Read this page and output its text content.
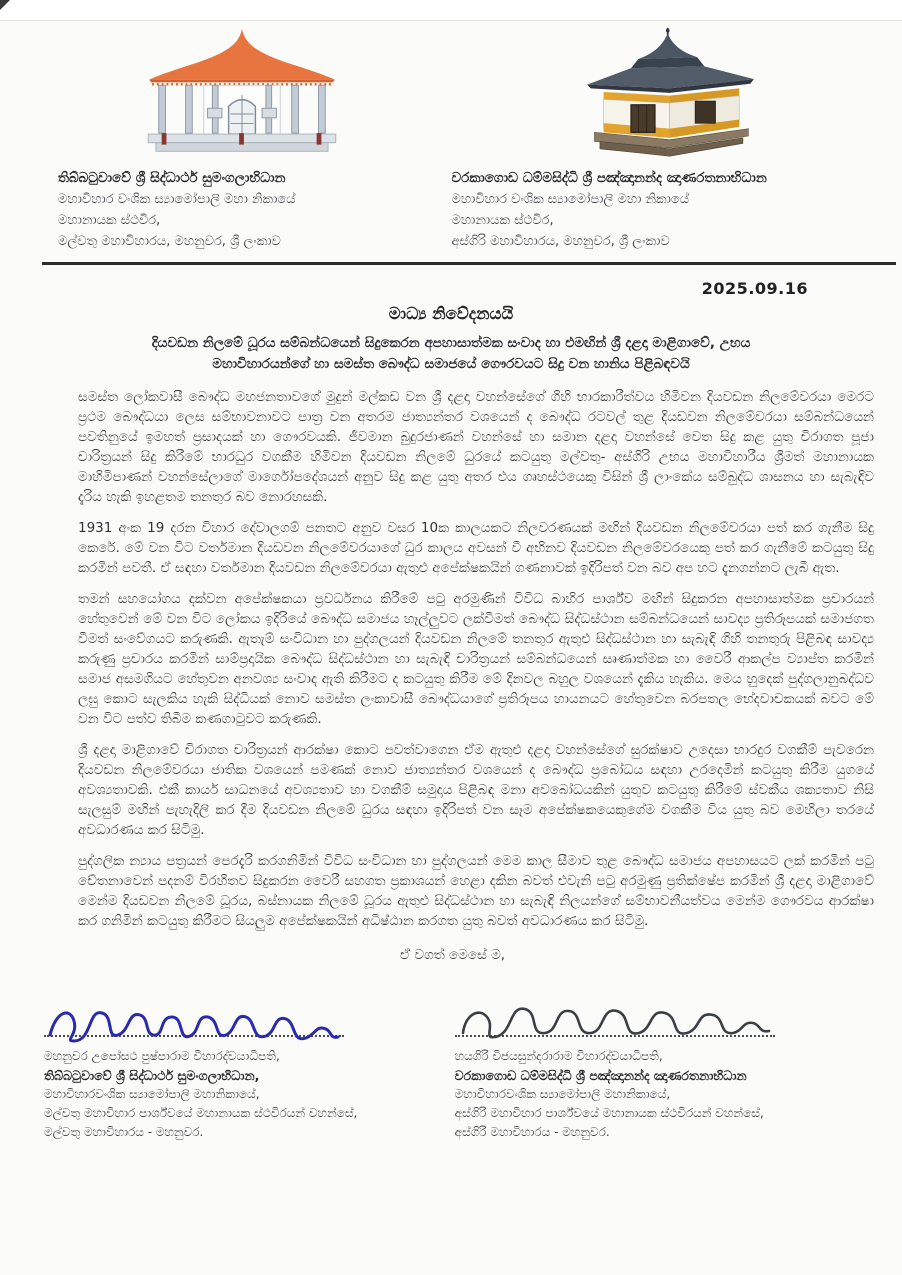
තිබ්බටුවාවේ ශ්‍රී සිද්ධාර්ථ සුමංගලාභිධාන
මහාවිහාර වංශික ස්‍යාමෝපාලි මහා නිකායේ
මහානායක ස්ථවිර,
මල්වතු මහාවිහාරය, මහනුවර, ශ්‍රී ලංකාව
වරකාගොඩ ධම්මසිද්ධි ශ්‍රී පඤ්ඤානන්ද ඤාණරතනාභිධාන
මහාවිහාර වංශික ස්‍යාමෝපාලි මහා නිකායේ
මහානායක ස්ථවිර,
අස්ගිරි මහාවිහාරය, මහනුවර, ශ්‍රී ලංකාව
2025.09.16
මාධ්‍ය නිවේදනයයි
දියවඩන නිලමේ ධූරය සම්බන්ධයෙන් සිදුකෙරන අපහාසාත්මක සංවාද හා එමඟින් ශ්‍රී දළදා මාළිගාවේ, උභය
මහාවිහාරයන්ගේ හා සමස්ත බෞද්ධ සමාජයේ ගෞරවයට සිදු වන හානිය පිළිබඳවයි

සමස්ත ලෝකවාසී බෞද්ධ මහජනතාවගේ මුදුන් මල්කඩ වන ශ්‍රී දළදා වහන්සේගේ ගිහි භාරකාරීත්වය හිමිවන දියවඩන නිලමේවරයා මෙරට ප්‍රථම බෞද්ධයා ලෙස සම්භාවනාවට පාත්‍ර වන අතරම ජාත්‍යන්තර වශයෙන් ද බෞද්ධ රටවල් තුළ දියඩවන නිලමේවරයා සම්බන්ධයෙන් පවතිනුයේ ඉමහත් ප්‍රසාදයක් හා ගෞරවයකි. ජීවමාන බුදුරජාණන් වහන්සේ හා සමාන දළදා වහන්සේ වෙත සිදු කළ යුතු චිරාගත පූජා චාරිත්‍රයන් සිදු කිරීමේ භාරධුර වගකීම හිමිවන දියවඩන නිලමේ ධුරයේ කටයුතු මල්වතු- අස්ගිරි උභය මහාවිහාරීය ශ්‍රීමත් මහානායක මාහිමිපාණන් වහන්සේලාගේ මාර්ගෝපදේශයන් අනුව සිදු කළ යුතු අතර එය ගෘහස්ථයෙකු විසින් ශ්‍රී ලාංකේය සම්බුද්ධ ශාසනය හා සැබැඳිව දැරිය හැකි ඉහළතම තනතුර බව නොරහසකි.

1931 අංක 19 දරන විහාර දේවාලගම් පනතට අනුව වසර 10ක කාලයකට නිලවරණයක් මඟින් දියවඩන නිලමේවරයා පත් කර ගැනීම සිදු කෙරේ. මේ වන විට වර්තමාන දියඩවන නිලමේවරයාගේ ධුර කාලය අවසන් වී අභිනව දියවඩන නිලමේවරයෙකු පත් කර ගැනීමේ කටයුතු සිදු කරමින් පවතී. ඒ සඳහා වර්තමාන දියවඩන නිලමේවරයා ඇතුළු අපේක්ෂකයින් ගණනාවක් ඉදිරිපත් වන බව අප හට දැනගන්නට ලැබී ඇත.

තමන් සහයෝගය දක්වන අපේක්ෂකයා ප්‍රවර්ධනය කිරීමේ පටු අරමුණින් විවිධ බාහිර පාර්ශ්ව මඟින් සිදුකරන අපහාසාත්මක ප්‍රචාරයන් හේතුවෙන් මේ වන විට ලෝකය ඉදිරියේ බෞද්ධ සමාජය හෑල්ලුවට ලක්වීමත් බෞද්ධ සිද්ධස්ථාන සම්බන්ධයෙන් සාවද්‍ය ප්‍රතිරූපයක් සමාජගත වීමත් සංවේගයට කරුණකි. ඇතැම් සංවිධාන හා පුද්ගලයන් දියවඩන නිලමේ තනතුර ඇතුළු සිද්ධස්ථාන හා සැබැඳි ගිහි තනතුරු පිළිබඳ සාවද්‍ය කරුණු ප්‍රචාරය කරමින් සාම්ප්‍රදායික බෞද්ධ සිද්ධස්ථාන හා සැබැඳි චාරිත්‍රයන් සම්බන්ධයෙන් සෘණාත්මක හා වෛරී ආකල්ප ව්‍යාප්ත කරමින් සමාජ අසමගියට හේතුවන අනවශ්‍ය සංවාද ඇති කිරීමට ද කටයුතු කිරීම මේ දිනවල බහුල වශයෙන් දැකිය හැකිය. මෙය හුදෙක් පුද්ගලානුබද්ධව ලඝු කොට සැලකිය හැකි සිද්ධියක් නොව සමස්ත ලංකාවාසී බෞද්ධයාගේ ප්‍රතිරූපය හායනයට හේතුවෙන බරපතල භේදවාචකයක් බවට මේ වන විට පත්ව තිබීම කණගාටුවට කරුණකි.

ශ්‍රී දළදා මාළිගාවේ චිරාගත චාරිත්‍රයන් ආරක්ෂා කොට පවත්වාගෙන ඒම ඇතුළු දළදා වහන්සේගේ සුරක්ෂාව උදෙසා භාරදුර වගකීම් පැවරෙන දියවඩන නිලමේවරයා ජාතික වශයෙන් පමණක් නොව ජාත්‍යන්තර වශයෙන් ද බෞද්ධ ප්‍රබෝධය සඳහා උරදෙමින් කටයුතු කිරීම යුගයේ අවශ්‍යතාවකි. එකී කාර්ය සාධනයේ අවශ්‍යතාව හා වගකීම් සමුදාය පිළිබඳ මනා අවබෝධයකින් යුතුව කටයුතු කිරීමේ ස්වකීය ශක්‍යතාව නිසි සැලසුම් මඟින් පැහැදිලි කර දීම දියවඩන නිලමේ ධුරය සඳහා ඉදිරිපත් වන සෑම අපේක්ෂකයෙකුගේම වගකීම විය යුතු බව මෙහිලා තරයේ අවධාරණය කර සිටිමු.

පුද්ගලික න්‍යාය පත්‍රයන් පෙරදැරි කරගනිමින් විවිධ සංවිධාන හා පුද්ගලයන් මෙම කාල සීමාව තුළ බෞද්ධ සමාජය අපහාසයට ලක් කරමින් පටු චේතනාවෙන් පදනම් විරහිතව සිදුකරන වෛරී සහගත ප්‍රකාශයන් හෙළා දකින බවත් එවැනි පටු අරමුණු ප්‍රතික්ෂේප කරමින් ශ්‍රී දළදා මාළිගාවේ මෙන්ම දියඩවන නිලමේ ධූරය, බස්නායක නිලමේ ධූරය ඇතුළු සිද්ධස්ථාන හා සැබැඳි නිලයන්ගේ සම්භාවනීයත්වය මෙන්ම ගෞරවය ආරක්ෂා කර ගනිමින් කටයුතු කිරීමට සියලුම අපේක්ෂකයින් අධිෂ්ඨාන කරගත යුතු බවත් අවධාරණය කර සිටිමු.

ඒ වගත් මෙසේ ම,
මහනුවර උපෝසථ පුෂ්පාරාම විහාරද්වයාධිපති,
තිබ්බටුවාවේ ශ්‍රී සිද්ධාර්ථ සුමංගලාභිධාන,
මහාවිහාරවංශික ස්‍යාමෝපාලි මහානිකායේ,
මල්වතු මහාවිහාර පාර්ශ්වයේ මහානායක ස්ථවිරයන් වහන්සේ,
මල්වතු මහාවිහාරය - මහනුවර.
හයගිරි විජයසුන්දරාරාම විහාරද්වයාධිපති,
වරකාගොඩ ධම්මසිද්ධි ශ්‍රී පඤ්ඤානන්ද ඤාණරතනාභිධාන
මහාවිහාරවංශික ස්‍යාමෝපාලි මහානිකායේ,
අස්ගිරි මහාවිහාර පාර්ශ්වයේ මහානායක ස්ථවිරයන් වහන්සේ,
අස්ගිරි මහාවිහාරය - මහනුවර.
